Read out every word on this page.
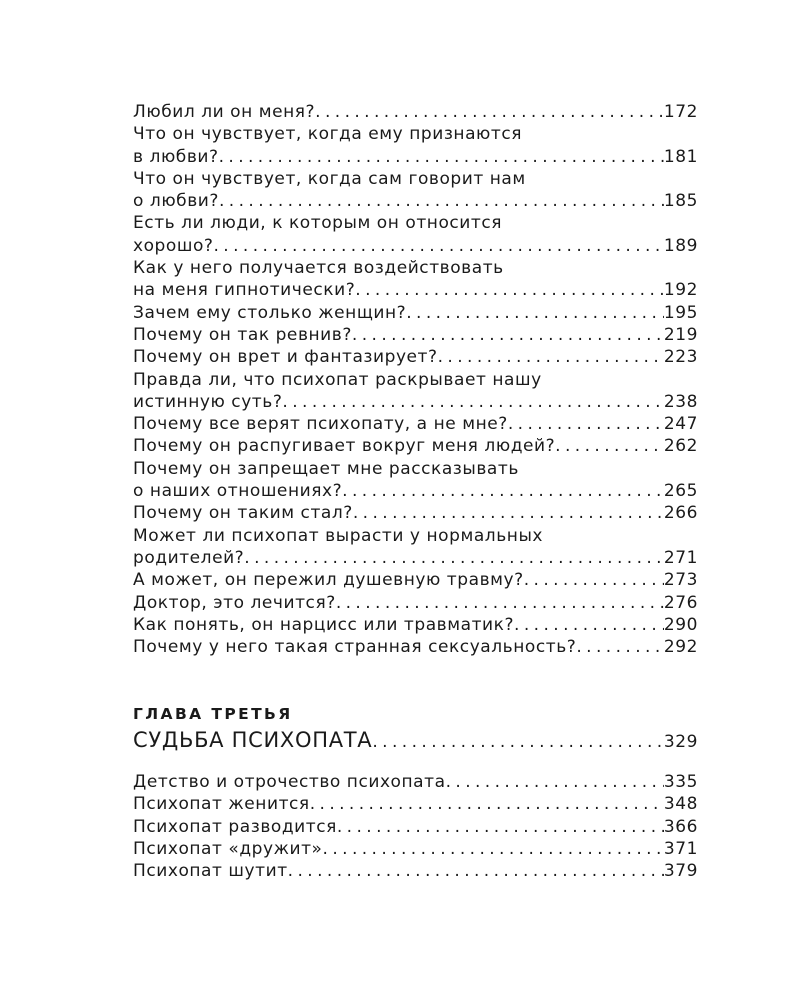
Любил ли он меня? . . .	172
Что он чувствует, когда ему признаются
в любви? . . .	181
Что он чувствует, когда сам говорит нам
о любви? . . .	185
Есть ли люди, к которым он относится
хорошо? . . .	189
Как у него получается воздействовать
на меня гипнотически? . . .	192
Зачем ему столько женщин? . . .	195
Почему он так ревнив? . . .	219
Почему он врет и фантазирует? . . .	223
Правда ли, что психопат раскрывает нашу
истинную суть? . . .	238
Почему все верят психопату, а не мне? . . .	247
Почему он распугивает вокруг меня людей? . . .	262
Почему он запрещает мне рассказывать
о наших отношениях? . . .	265
Почему он таким стал? . . .	266
Может ли психопат вырасти у нормальных
родителей? . . .	271
А может, он пережил душевную травму? . . .	273
Доктор, это лечится? . . .	276
Как понять, он нарцисс или травматик? . . .	290
Почему у него такая странная сексуальность? . . .	292
ГЛАВА ТРЕТЬЯ
СУДЬБА ПСИХОПАТА . . .	329
Детство и отрочество психопата . . .	335
Психопат женится . . .	348
Психопат разводится . . .	366
Психопат «дружит» . . .	371
Психопат шутит . . .	379
